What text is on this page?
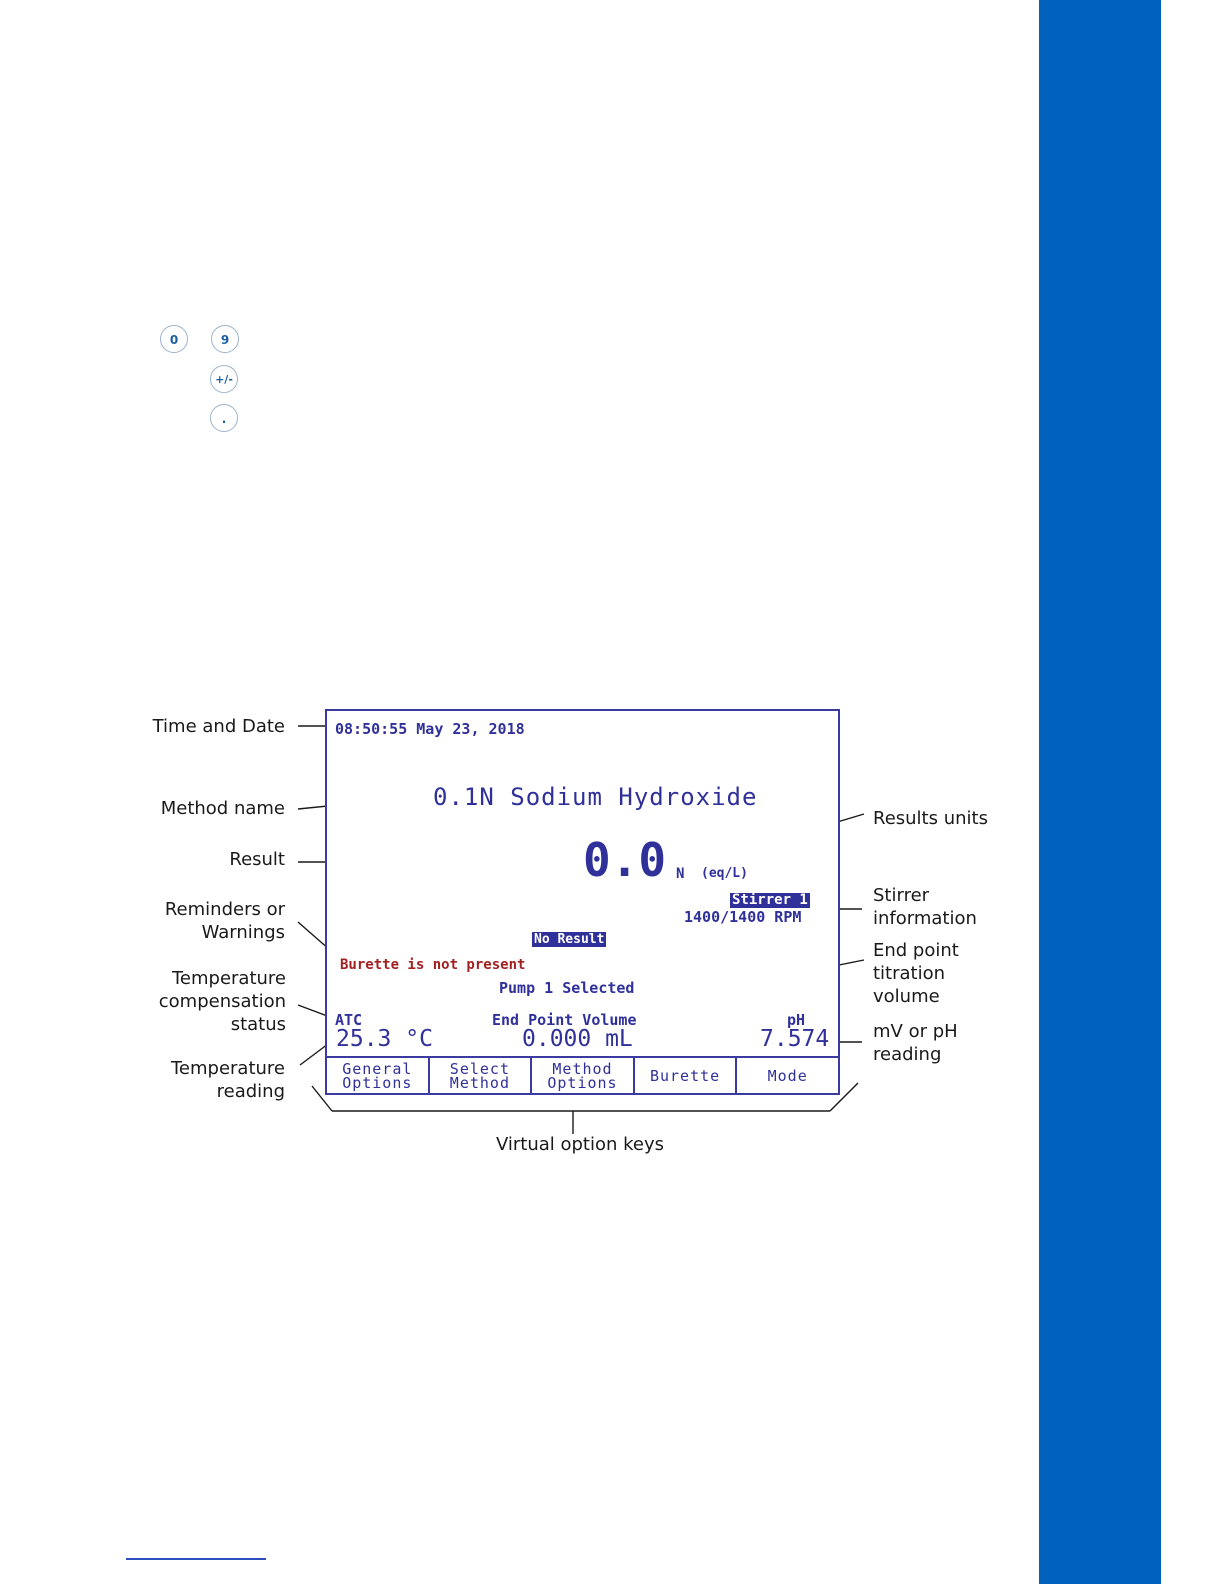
0	9
+/-
.
Time and Date
Method name
Result
Reminders or
Warnings
Temperature
compensation
status
Temperature
reading
Results units
Stirrer
information
End point
titration
volume
mV or pH
reading
Virtual option keys
08:50:55 May 23, 2018
0.1N Sodium Hydroxide
0.0 N (eq/L)
Stirrer 1
1400/1400 RPM
No Result
Burette is not present
Pump 1 Selected
ATC
25.3 °C
End Point Volume
0.000 mL
pH
7.574
General
Options
Select
Method
Method
Options Burette	Mode
